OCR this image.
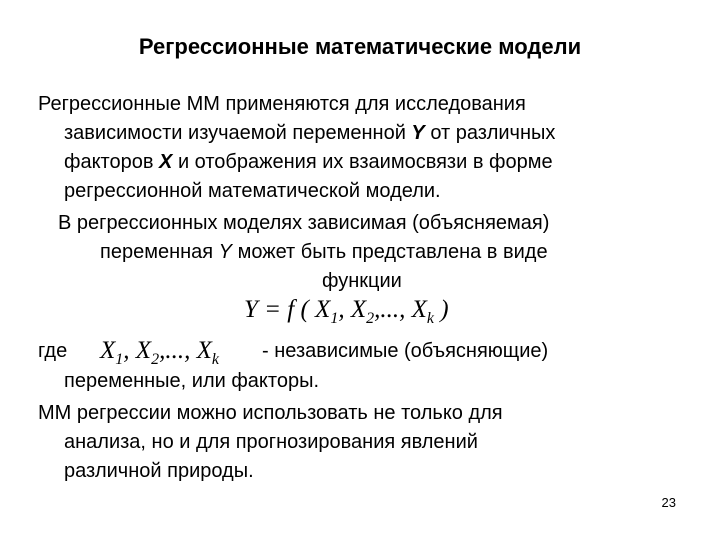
Регрессионные математические модели
Регрессионные ММ применяются для исследования
зависимости изучаемой переменной Y от различных
факторов X и отображения их взаимосвязи в форме
регрессионной математической модели.
В регрессионных моделях зависимая (объясняемая)
переменная Y может быть представлена в виде
функции
Y = f ( $X_1$, $X_2$,..., $X_k$ )
где $X_1$, $X_2$,..., $X_k$ - независимые (объясняющие)
переменные, или факторы.
ММ регрессии можно использовать не только для
анализа, но и для прогнозирования явлений
различной природы.
23
